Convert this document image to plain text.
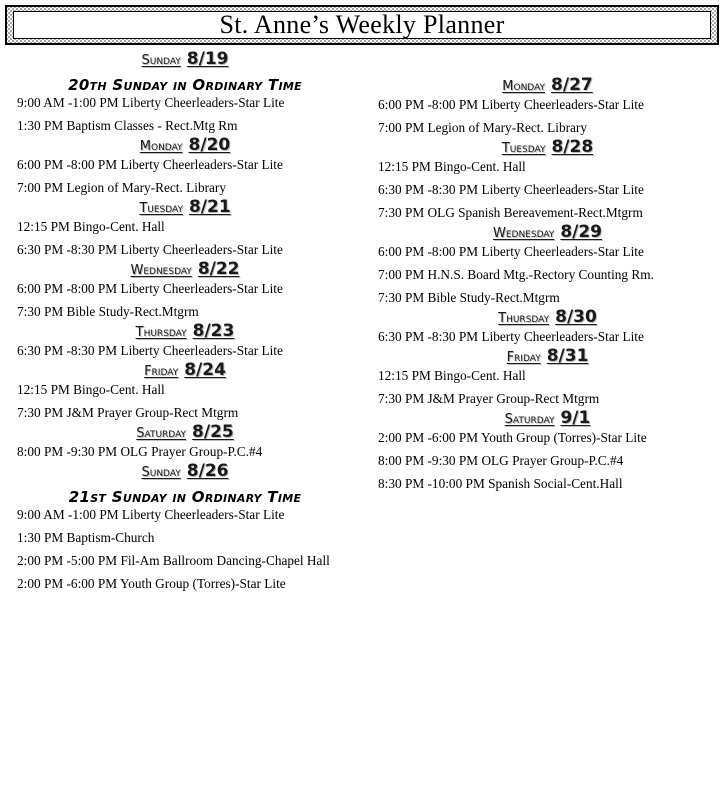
St. Anne’s Weekly Planner
Sunday 8/19
20th Sunday in Ordinary Time
9:00 AM -1:00 PM Liberty Cheerleaders-Star Lite
1:30 PM Baptism Classes - Rect.Mtg Rm
Monday 8/20
6:00 PM -8:00 PM Liberty Cheerleaders-Star Lite
7:00 PM Legion of Mary-Rect. Library
Tuesday 8/21
12:15 PM Bingo-Cent. Hall
6:30 PM -8:30 PM Liberty Cheerleaders-Star Lite
Wednesday 8/22
6:00 PM -8:00 PM Liberty Cheerleaders-Star Lite
7:30 PM Bible Study-Rect.Mtgrm
Thursday 8/23
6:30 PM -8:30 PM Liberty Cheerleaders-Star Lite
Friday 8/24
12:15 PM Bingo-Cent. Hall
7:30 PM J&M Prayer Group-Rect Mtgrm
Saturday 8/25
8:00 PM -9:30 PM OLG Prayer Group-P.C.#4
Sunday 8/26
21st Sunday in Ordinary Time
9:00 AM -1:00 PM Liberty Cheerleaders-Star Lite
1:30 PM Baptism-Church
2:00 PM -5:00 PM Fil-Am Ballroom Dancing-Chapel Hall
2:00 PM -6:00 PM Youth Group (Torres)-Star Lite
Monday 8/27
6:00 PM -8:00 PM Liberty Cheerleaders-Star Lite
7:00 PM Legion of Mary-Rect. Library
Tuesday 8/28
12:15 PM Bingo-Cent. Hall
6:30 PM -8:30 PM Liberty Cheerleaders-Star Lite
7:30 PM OLG Spanish Bereavement-Rect.Mtgrm
Wednesday 8/29
6:00 PM -8:00 PM Liberty Cheerleaders-Star Lite
7:00 PM H.N.S. Board Mtg.-Rectory Counting Rm.
7:30 PM Bible Study-Rect.Mtgrm
Thursday 8/30
6:30 PM -8:30 PM Liberty Cheerleaders-Star Lite
Friday 8/31
12:15 PM Bingo-Cent. Hall
7:30 PM J&M Prayer Group-Rect Mtgrm
Saturday 9/1
2:00 PM -6:00 PM Youth Group (Torres)-Star Lite
8:00 PM -9:30 PM OLG Prayer Group-P.C.#4
8:30 PM -10:00 PM Spanish Social-Cent.Hall
